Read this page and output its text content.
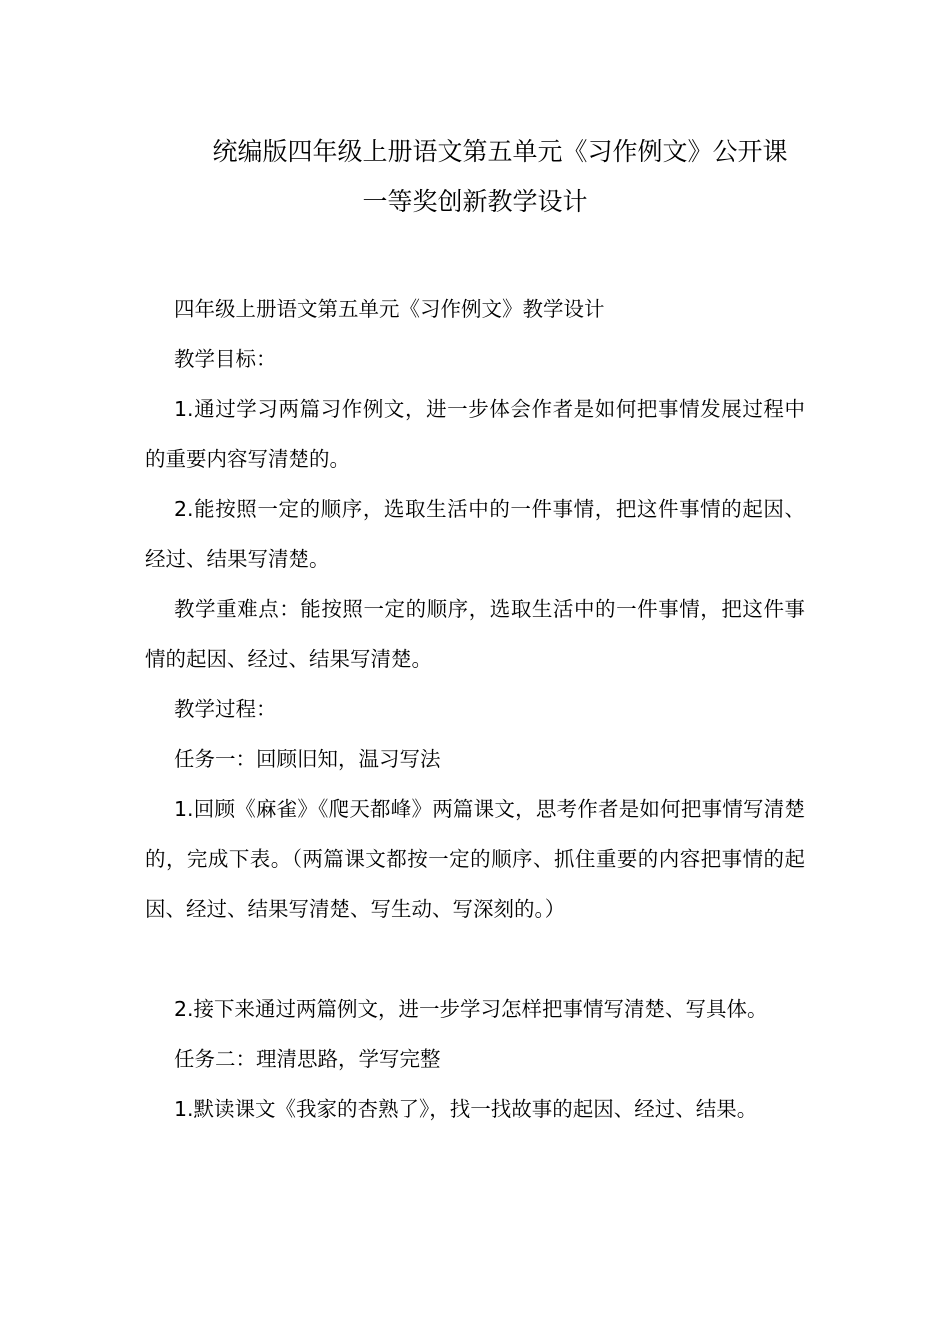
统编版四年级上册语文第五单元《习作例文》公开课
一等奖创新教学设计

四年级上册语文第五单元《习作例文》教学设计

教学目标：

1.通过学习两篇习作例文，进一步体会作者是如何把事情发展过程中的重要内容写清楚的。

2.能按照一定的顺序，选取生活中的一件事情，把这件事情的起因、经过、结果写清楚。

教学重难点：能按照一定的顺序，选取生活中的一件事情，把这件事情的起因、经过、结果写清楚。

教学过程：

任务一：回顾旧知，温习写法

1.回顾《麻雀》《爬天都峰》两篇课文，思考作者是如何把事情写清楚的，完成下表。（两篇课文都按一定的顺序、抓住重要的内容把事情的起因、经过、结果写清楚、写生动、写深刻的。）

2.接下来通过两篇例文，进一步学习怎样把事情写清楚、写具体。

任务二：理清思路，学写完整

1.默读课文《我家的杏熟了》，找一找故事的起因、经过、结果。
